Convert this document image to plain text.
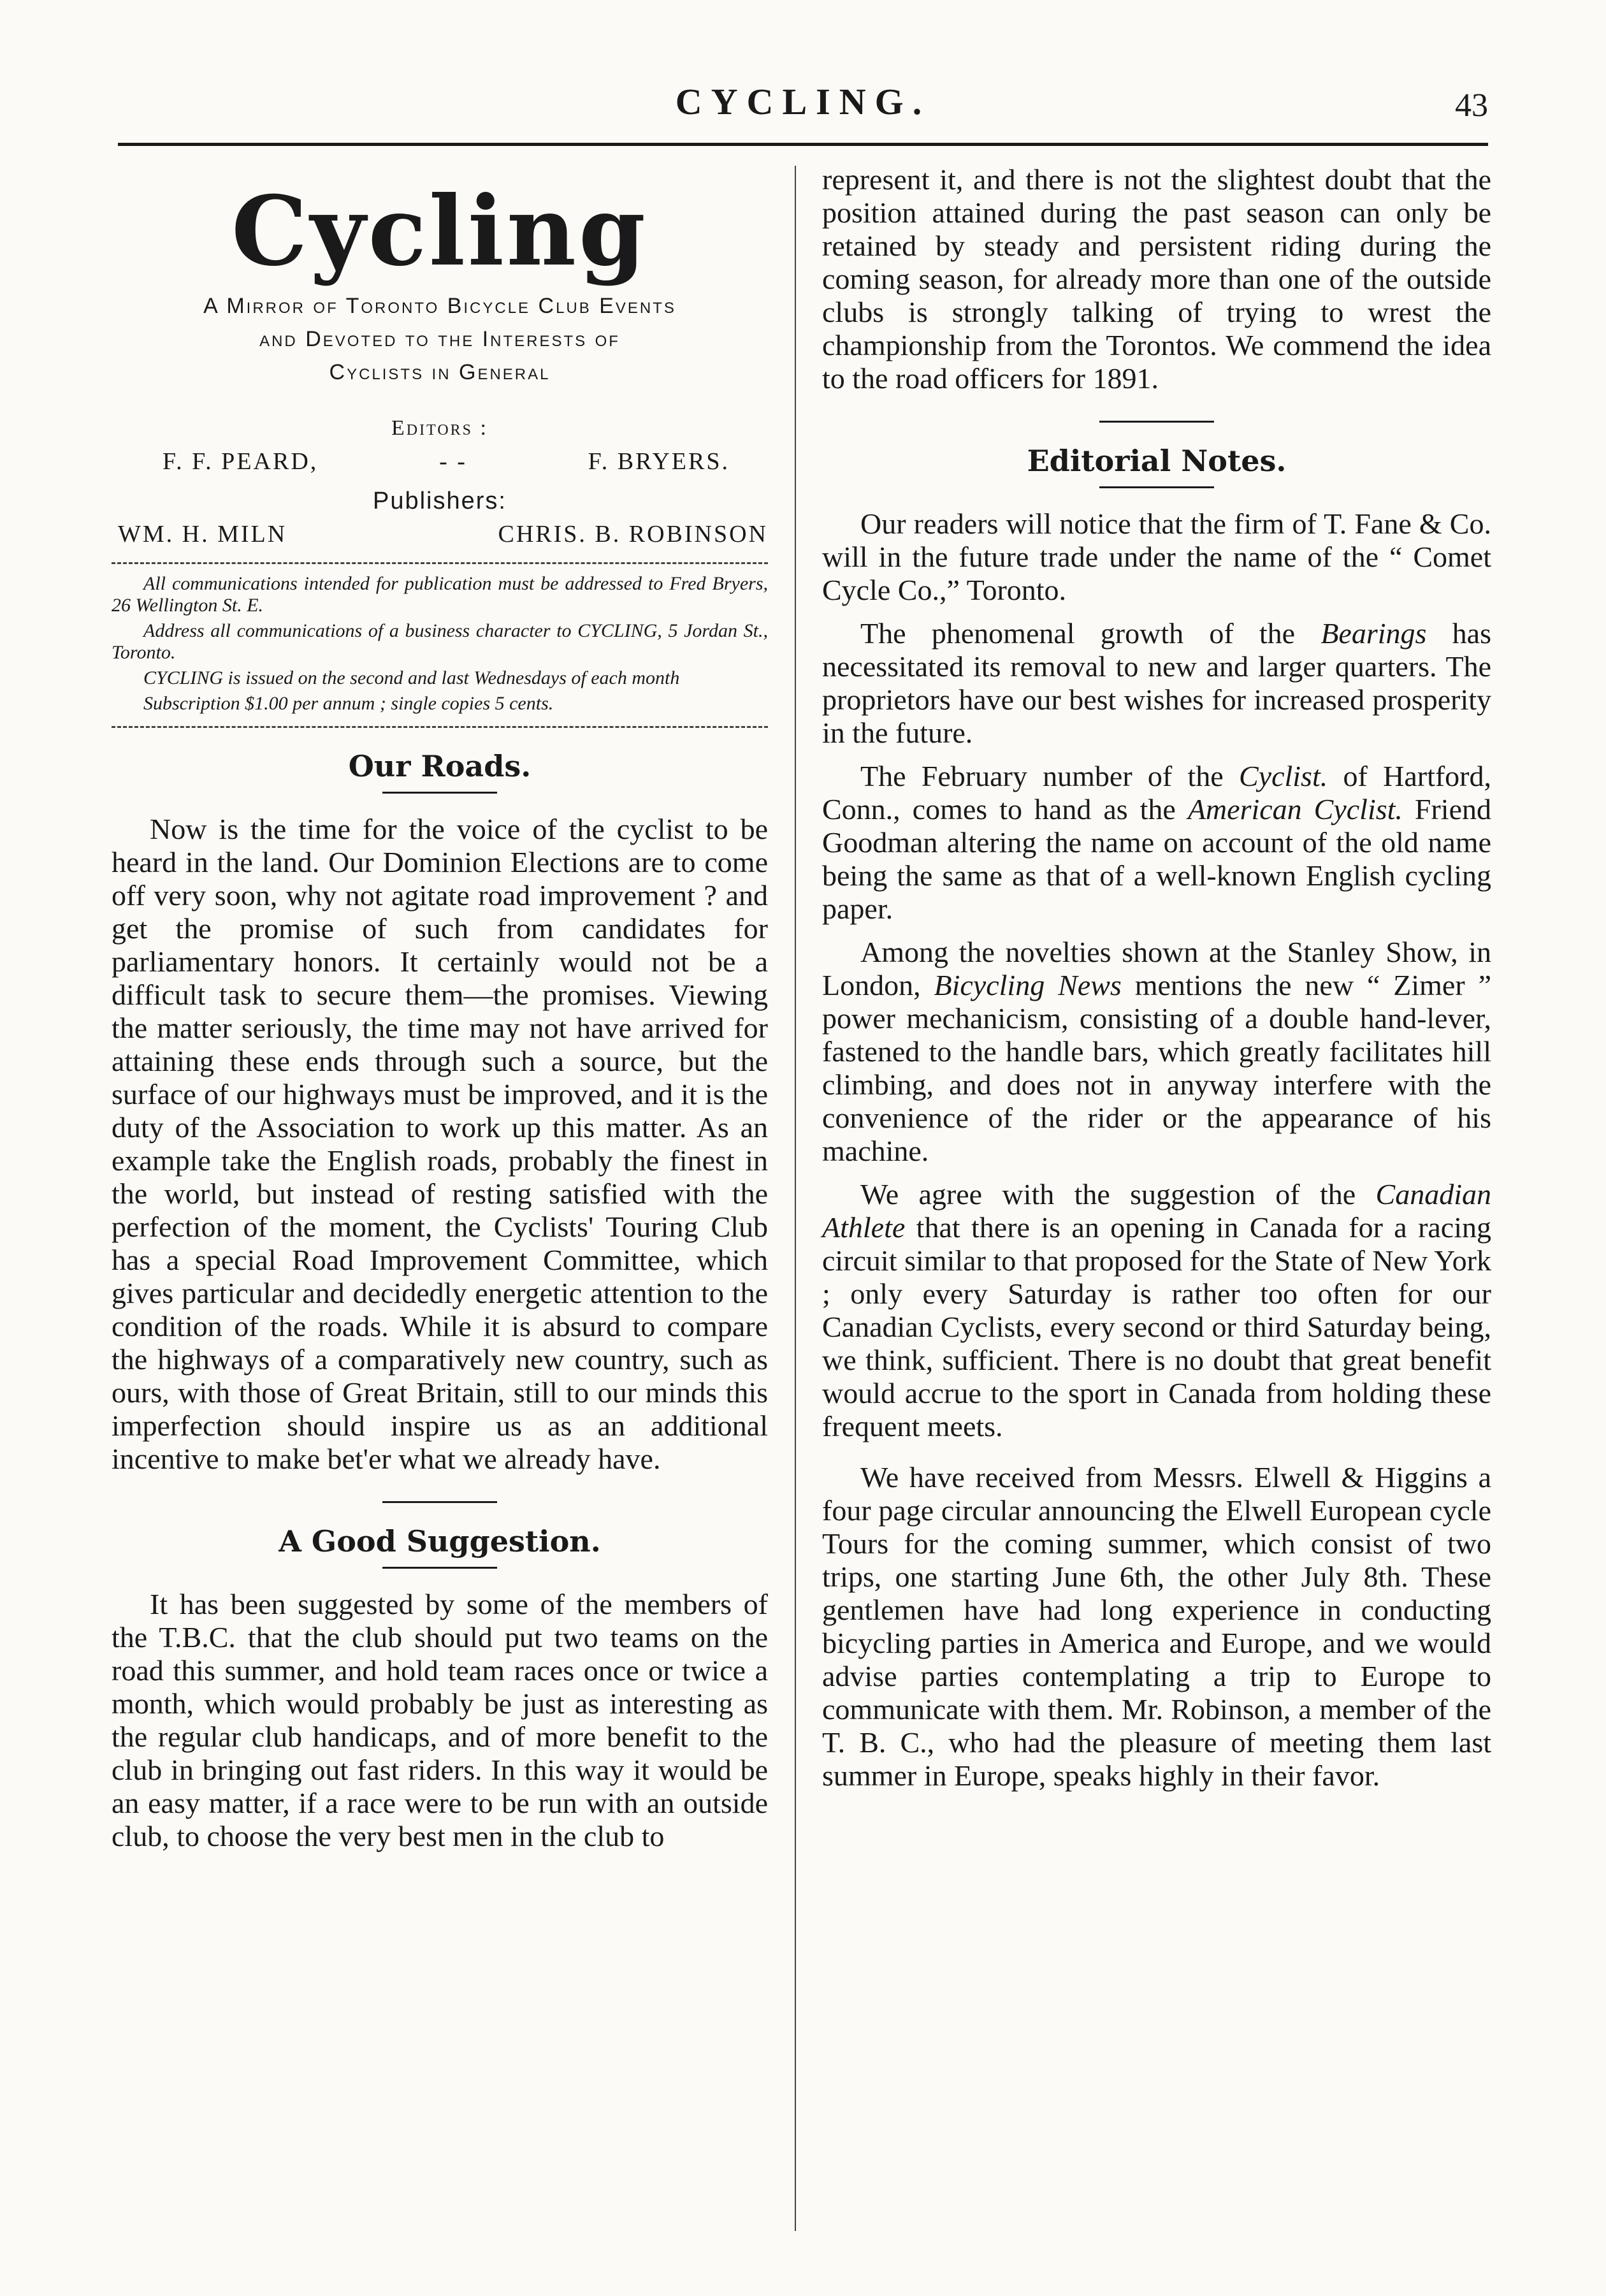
CYCLING.	43
Cycling
A Mirror of Toronto Bicycle Club Events
and Devoted to the Interests of
Cyclists in General
Editors :
F. F. PEARD,	- -	F. BRYERS.
Publishers:
WM. H. MILN	CHRIS. B. ROBINSON
All communications intended for publication must be addressed to Fred Bryers, 26 Wellington St. E.
Address all communications of a business character to CYCLING, 5 Jordan St., Toronto.
CYCLING is issued on the second and last Wednesdays of each month
Subscription $1.00 per annum ; single copies 5 cents.
Our Roads.

Now is the time for the voice of the cyclist to be heard in the land. Our Dominion Elections are to come off very soon, why not agitate road improvement ? and get the promise of such from candidates for parliamentary honors. It certainly would not be a difficult task to secure them—the promises. Viewing the matter seriously, the time may not have arrived for attaining these ends through such a source, but the surface of our highways must be improved, and it is the duty of the Association to work up this matter. As an example take the English roads, probably the finest in the world, but instead of resting satisfied with the perfection of the moment, the Cyclists' Touring Club has a special Road Improvement Committee, which gives particular and decidedly energetic attention to the condition of the roads. While it is absurd to compare the highways of a comparatively new country, such as ours, with those of Great Britain, still to our minds this imperfection should inspire us as an additional incentive to make bet'er what we already have.

A Good Suggestion.

It has been suggested by some of the members of the T.B.C. that the club should put two teams on the road this summer, and hold team races once or twice a month, which would probably be just as interesting as the regular club handicaps, and of more benefit to the club in bringing out fast riders. In this way it would be an easy matter, if a race were to be run with an outside club, to choose the very best men in the club to

represent it, and there is not the slightest doubt that the position attained during the past season can only be retained by steady and persistent riding during the coming season, for already more than one of the outside clubs is strongly talking of trying to wrest the championship from the Torontos. We commend the idea to the road officers for 1891.

Editorial Notes.

Our readers will notice that the firm of T. Fane & Co. will in the future trade under the name of the “ Comet Cycle Co.,” Toronto.

The phenomenal growth of the Bearings has necessitated its removal to new and larger quarters. The proprietors have our best wishes for increased prosperity in the future.

The February number of the Cyclist. of Hartford, Conn., comes to hand as the American Cyclist. Friend Goodman altering the name on account of the old name being the same as that of a well-known English cycling paper.

Among the novelties shown at the Stanley Show, in London, Bicycling News mentions the new “ Zimer ” power mechanicism, consisting of a double hand-lever, fastened to the handle bars, which greatly facilitates hill climbing, and does not in anyway interfere with the convenience of the rider or the appearance of his machine.

We agree with the suggestion of the Canadian Athlete that there is an opening in Canada for a racing circuit similar to that proposed for the State of New York ; only every Saturday is rather too often for our Canadian Cyclists, every second or third Saturday being, we think, sufficient. There is no doubt that great benefit would accrue to the sport in Canada from holding these frequent meets.

We have received from Messrs. Elwell & Higgins a four page circular announcing the Elwell European cycle Tours for the coming summer, which consist of two trips, one starting June 6th, the other July 8th. These gentlemen have had long experience in conducting bicycling parties in America and Europe, and we would advise parties contemplating a trip to Europe to communicate with them. Mr. Robinson, a member of the T. B. C., who had the pleasure of meeting them last summer in Europe, speaks highly in their favor.
